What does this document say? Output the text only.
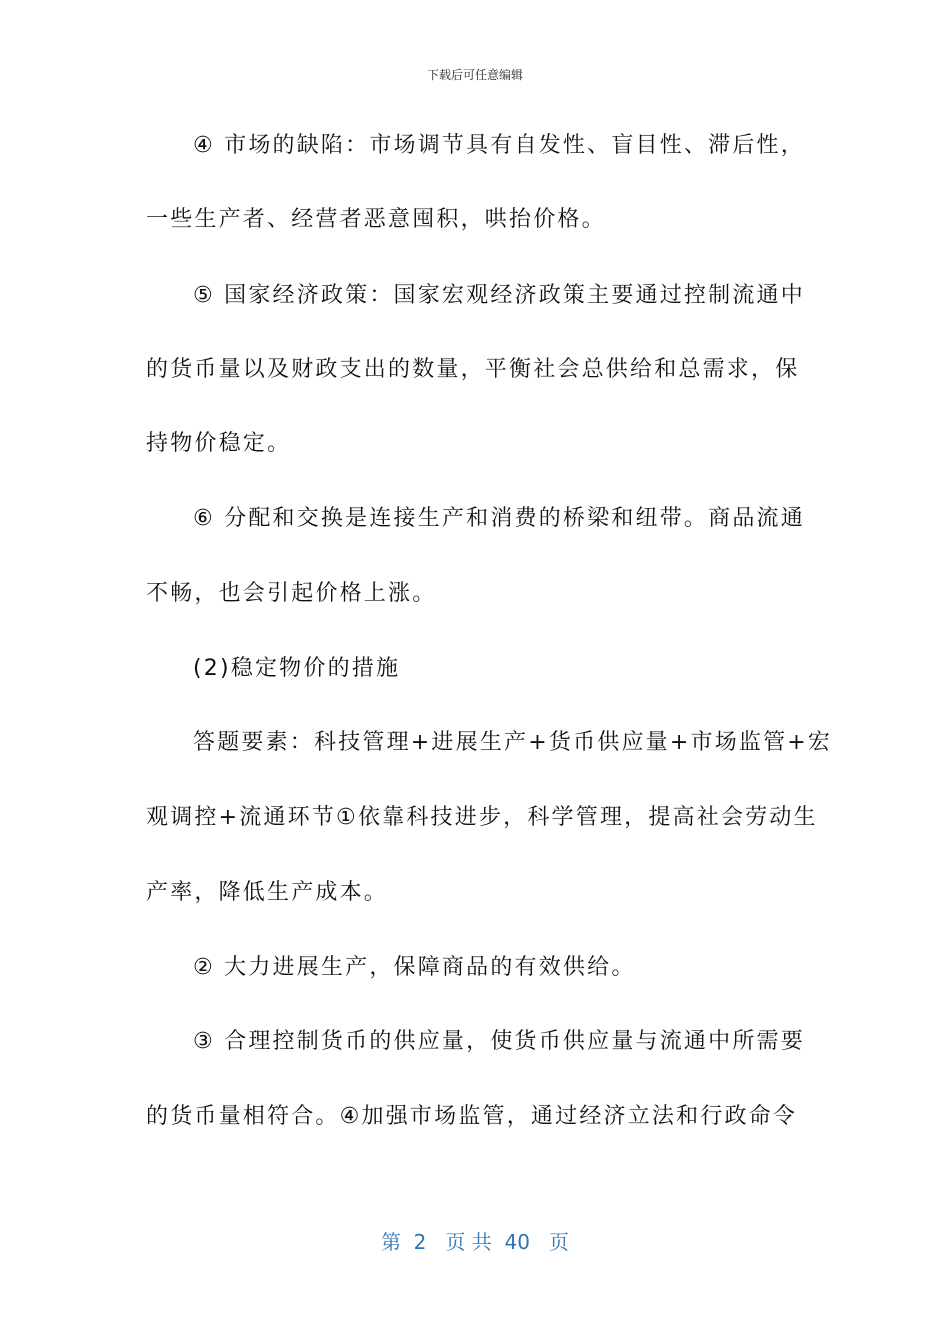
下载后可任意编辑
④ 市场的缺陷：市场调节具有自发性、盲目性、滞后性，
一些生产者、经营者恶意囤积，哄抬价格。
⑤ 国家经济政策：国家宏观经济政策主要通过控制流通中
的货币量以及财政支出的数量，平衡社会总供给和总需求，保
持物价稳定。
⑥ 分配和交换是连接生产和消费的桥梁和纽带。商品流通
不畅，也会引起价格上涨。
(2)稳定物价的措施
答题要素：科技管理+进展生产+货币供应量+市场监管+宏
观调控+流通环节①依靠科技进步，科学管理，提高社会劳动生
产率，降低生产成本。
② 大力进展生产，保障商品的有效供给。
③ 合理控制货币的供应量，使货币供应量与流通中所需要
的货币量相符合。④加强市场监管，通过经济立法和行政命令
第  2   页 共  40   页
